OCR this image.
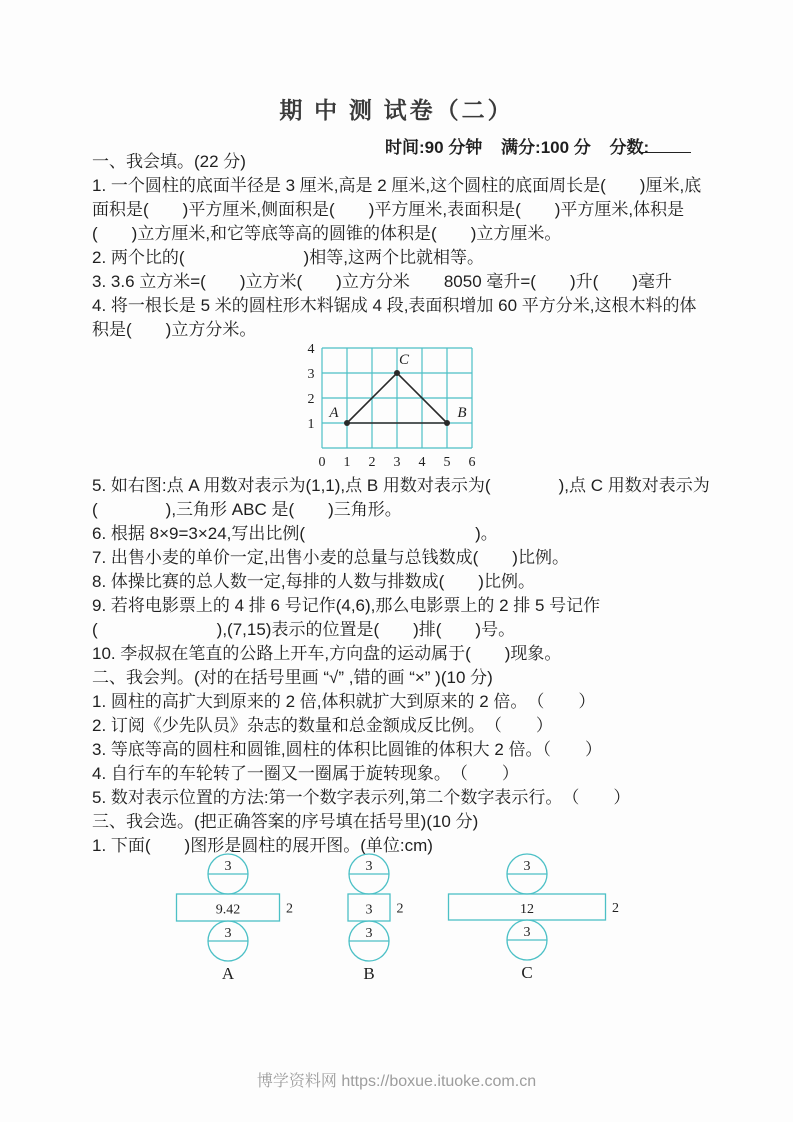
期 中 测 试卷（二）
时间:90 分钟 满分:100 分 分数:
一、我会填。(22 分)

1. 一个圆柱的底面半径是 3 厘米,高是 2 厘米,这个圆柱的底面周长是(　　)厘米,底面积是(　　)平方厘米,侧面积是(　　)平方厘米,表面积是(　　)平方厘米,体积是(　　)立方厘米,和它等底等高的圆锥的体积是(　　)立方厘米。

2. 两个比的(　　　　　　　)相等,这两个比就相等。

3. 3.6 立方米=(　　)立方米(　　)立方分米　　8050 毫升=(　　)升(　　)毫升

4. 将一根长是 5 米的圆柱形木料锯成 4 段,表面积增加 60 平方分米,这根木料的体积是(　　)立方分米。

0 1 2 3 4 5 6
1
2
3
4
A	B
C

5. 如右图:点 A 用数对表示为(1,1),点 B 用数对表示为(　　　　),点 C 用数对表示为(　　　　),三角形 ABC 是(　　)三角形。

6. 根据 8×9=3×24,写出比例(　　　　　　　　　　)。

7. 出售小麦的单价一定,出售小麦的总量与总钱数成(　　)比例。

8. 体操比赛的总人数一定,每排的人数与排数成(　　)比例。

9. 若将电影票上的 4 排 6 号记作(4,6),那么电影票上的 2 排 5 号记作(　　　　　　　),(7,15)表示的位置是(　　)排(　　)号。

10. 李叔叔在笔直的公路上开车,方向盘的运动属于(　　)现象。

二、我会判。(对的在括号里画 “√” ,错的画 “×” )(10 分)

1. 圆柱的高扩大到原来的 2 倍,体积就扩大到原来的 2 倍。　（　　）

2. 订阅《少先队员》杂志的数量和总金额成反比例。　（　　）

3. 等底等高的圆柱和圆锥,圆柱的体积比圆锥的体积大 2 倍。（　　）

4. 自行车的车轮转了一圈又一圈属于旋转现象。　（　　）

5. 数对表示位置的方法:第一个数字表示列,第二个数字表示行。　（　　）

三、我会选。(把正确答案的序号填在括号里)(10 分)

1. 下面(　　)图形是圆柱的展开图。(单位:cm)

3
3
9.42	2
A
3
3
3 2
B
3
3
12	2
C
博学资料网 https://boxue.ituoke.com.cn
